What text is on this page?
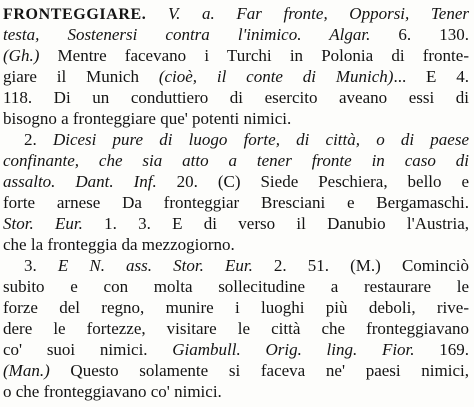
FRONTEGGIARE. V. a. Far fronte, Opporsi, Tener
testa, Sostenersi contra l'inimico. Algar. 6. 130.
(Gh.) Mentre facevano i Turchi in Polonia di fronte-
giare il Munich (cioè, il conte di Munich)... E 4.
118. Di un conduttiero di esercito aveano essi di
bisogno a fronteggiare que' potenti nimici.
2. Dicesi pure di luogo forte, di città, o di paese
confinante, che sia atto a tener fronte in caso di
assalto. Dant. Inf. 20. (C) Siede Peschiera, bello e
forte arnese Da fronteggiar Bresciani e Bergamaschi.
Stor. Eur. 1. 3. E di verso il Danubio l'Austria,
che la fronteggia da mezzogiorno.
3. E N. ass. Stor. Eur. 2. 51. (M.) Cominciò
subito e con molta sollecitudine a restaurare le
forze del regno, munire i luoghi più deboli, rive-
dere le fortezze, visitare le città che fronteggiavano
co' suoi nimici. Giambull. Orig. ling. Fior. 169.
(Man.) Questo solamente si faceva ne' paesi nimici,
o che fronteggiavano co' nimici.
